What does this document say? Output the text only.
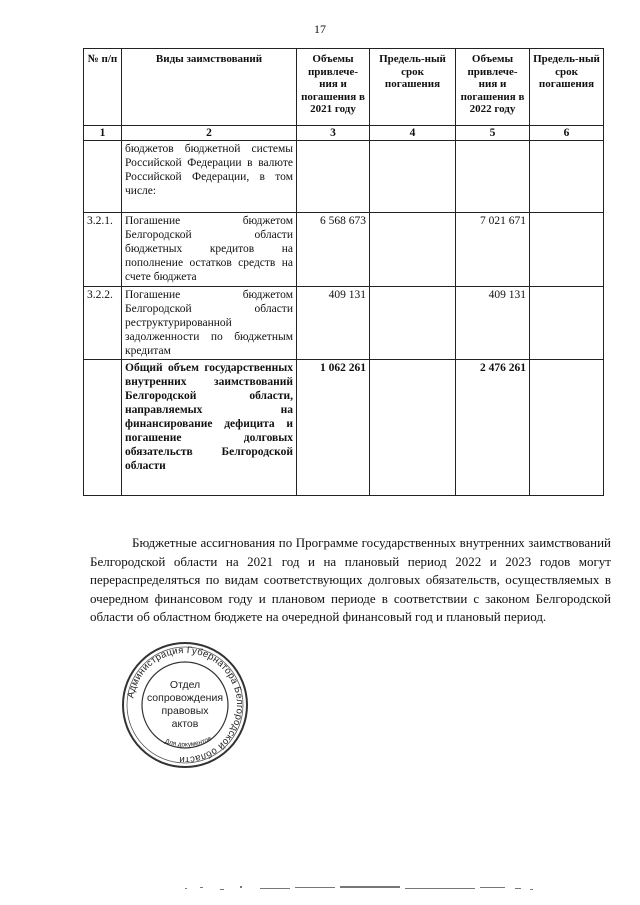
17
№ п/п	Виды заимствований	Объемы привлече-ния и погашения в 2021 году	Предель-ный срок погашения	Объемы привлече-ния и погашения в 2022 году	Предель-ный срок погашения
1	2	3	4	5	6
	бюджетов бюджетной системы Российской Федерации в валюте Российской Федерации, в том числе:				
3.2.1.	Погашение бюджетом Белгородской области бюджетных кредитов на пополнение остатков средств на счете бюджета	6 568 673		7 021 671	
3.2.2.	Погашение бюджетом Белгородской области реструктурированной задолженности по бюджетным кредитам	409 131		409 131	
	Общий объем государственных внутренних заимствований Белгородской области, направляемых на финансирование дефицита и погашение долговых обязательств Белгородской области	1 062 261		2 476 261	

Бюджетные ассигнования по Программе государственных внутренних заимствований Белгородской области на 2021 год и на плановый период 2022 и 2023 годов могут перераспределяться по видам соответствующих долговых обязательств, осуществляемых в очередном финансовом году и плановом периоде в соответствии с законом Белгородской области об областном бюджете на очередной финансовый год и плановый период.

Администрация Губернатора Белгородской области
Для документов
Отдел
сопровождения
правовых
актов
